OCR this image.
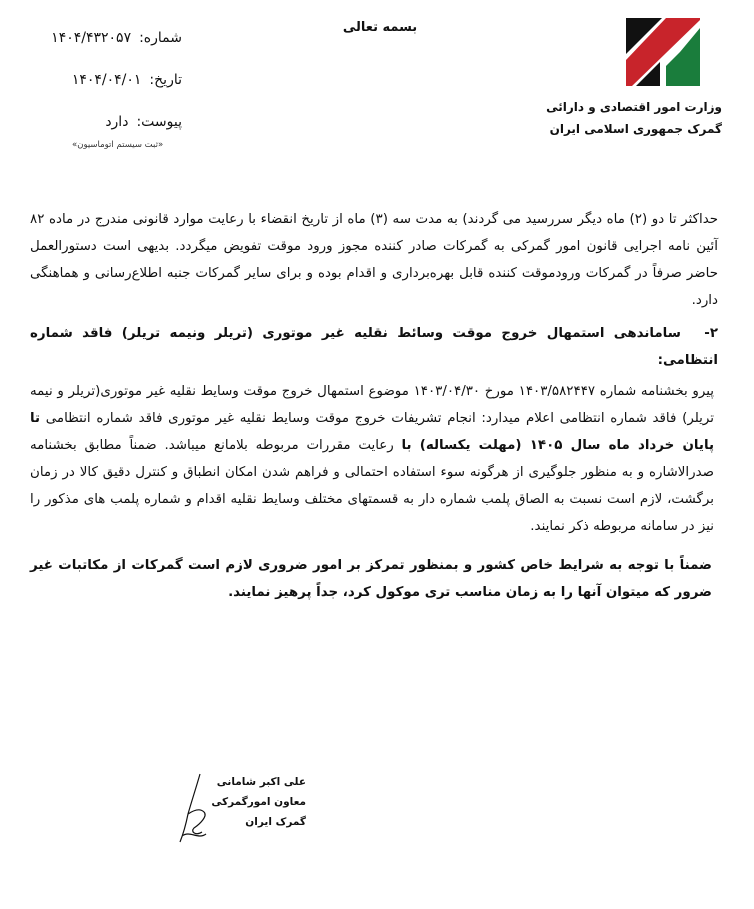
بسمه تعالی
وزارت امور اقتصادی و دارائی
گمرک جمهوری اسلامی ایران
شماره:
۱۴۰۴/۴۳۲۰۵۷
تاریخ:
۱۴۰۴/۰۴/۰۱
پیوست:
دارد
«ثبت سیستم اتوماسیون»

حداکثر تا دو (۲) ماه دیگر سررسید می گردند) به مدت سه (۳) ماه از تاریخ انقضاء با رعایت موارد قانونی مندرج در ماده ۸۲ آئین نامه اجرایی قانون امور گمرکی به گمرکات صادر کننده مجوز ورود موقت تفویض میگردد. بدیهی است دستورالعمل حاضر صرفاً در گمرکات ورودموقت کننده قابل بهره‌برداری و اقدام بوده و برای سایر گمرکات جنبه اطلاع‌رسانی و هماهنگی دارد.

۲- ساماندهی استمهال خروج موقت وسائط نقلیه غیر موتوری (تریلر ونیمه تریلر) فاقد شماره انتظامی:

پیرو بخشنامه شماره ۱۴۰۳/۵۸۲۴۴۷ مورخ ۱۴۰۳/۰۴/۳۰ موضوع استمهال خروج موقت وسایط نقلیه غیر موتوری(تریلر و نیمه تریلر) فاقد شماره انتظامی اعلام میدارد: انجام تشریفات خروج موقت وسایط نقلیه غیر موتوری فاقد شماره انتظامی تا پایان خرداد ماه سال ۱۴۰۵ (مهلت یکساله) با رعایت مقررات مربوطه بلامانع میباشد. ضمناً مطابق بخشنامه صدرالاشاره و به منظور جلوگیری از هرگونه سوء استفاده احتمالی و فراهم شدن امکان انطباق و کنترل دقیق کالا در زمان برگشت، لازم است نسبت به الصاق پلمب شماره دار به قسمتهای مختلف وسایط نقلیه اقدام و شماره پلمب های مذکور را نیز در سامانه مربوطه ذکر نمایند.

ضمناً با توجه به شرایط خاص کشور و بمنظور تمرکز بر امور ضروری لازم است گمرکات از مکاتبات غیر ضرور که میتوان آنها را به زمان مناسب تری موکول کرد، جداً پرهیز نمایند.

علی اکبر شامانی
معاون امورگمرکی گمرک ایران
